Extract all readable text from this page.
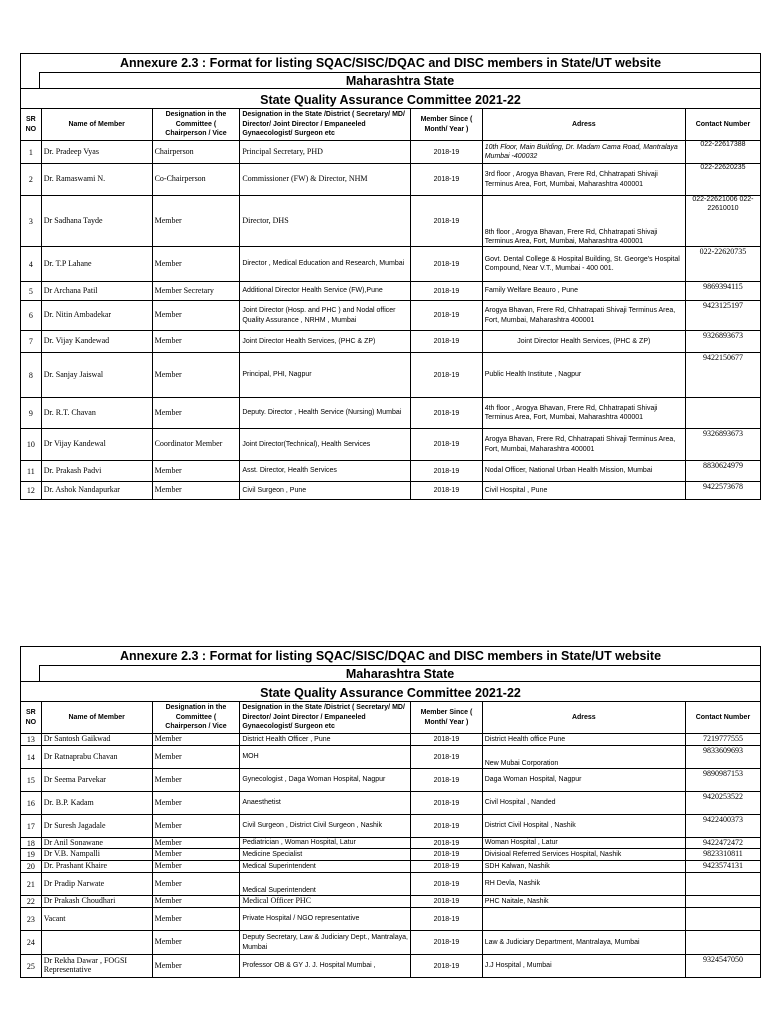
Annexure 2.3 : Format for listing SQAC/SISC/DQAC and DISC members in State/UT website
Maharashtra State
State Quality Assurance Committee 2021-22
SR NO	Name of Member	Designation in the Committee ( Chairperson / Vice	Designation in the State /District ( Secretary/ MD/ Director/ Joint Director / Empaneeled Gynaecologist/ Surgeon etc	Member Since ( Month/ Year )	Adress	Contact Number
1	Dr. Pradeep Vyas	Chairperson	Principal Secretary, PHD	2018-19	10th Floor, Main Building, Dr. Madam Cama Road, Mantralaya Mumbai -400032	022-22617388
2	Dr. Ramaswami N.	Co-Chairperson	Commissioner (FW) & Director, NHM	2018-19	3rd floor , Arogya Bhavan, Frere Rd, Chhatrapati Shivaji Terminus Area, Fort, Mumbai, Maharashtra 400001	022-22620235
3	Dr Sadhana Tayde	Member	Director, DHS	2018-19	8th floor , Arogya Bhavan, Frere Rd, Chhatrapati Shivaji Terminus Area, Fort, Mumbai, Maharashtra 400001	022-22621006 022-22610010
4	Dr. T.P Lahane	Member	Director , Medical Education and Research, Mumbai	2018-19	Govt. Dental College & Hospital Building, St. George's Hospital Compound, Near V.T., Mumbai - 400 001.	022-22620735
5	Dr Archana Patil	Member Secretary	Additional Director Health Service (FW),Pune	2018-19	Family Welfare Beauro , Pune	9869394115
6	Dr. Nitin Ambadekar	Member	Joint Director (Hosp. and PHC ) and Nodal officer Quality Assurance , NRHM , Mumbai	2018-19	Arogya Bhavan, Frere Rd, Chhatrapati Shivaji Terminus Area, Fort, Mumbai, Maharashtra 400001	9423125197
7	Dr. Vijay Kandewad	Member	Joint Director Health Services, (PHC & ZP)	2018-19	Joint Director Health Services, (PHC & ZP)	9326893673
8	Dr. Sanjay Jaiswal	Member	Principal, PHI, Nagpur	2018-19	Public Health Institute , Nagpur	9422150677
9	Dr. R.T. Chavan	Member	Deputy. Director , Health Service (Nursing) Mumbai	2018-19	4th floor , Arogya Bhavan, Frere Rd, Chhatrapati Shivaji Terminus Area, Fort, Mumbai, Maharashtra 400001	
10	Dr Vijay Kandewal	Coordinator Member	Joint Director(Technical), Health Services	2018-19	Arogya Bhavan, Frere Rd, Chhatrapati Shivaji Terminus Area, Fort, Mumbai, Maharashtra 400001	9326893673
11	Dr. Prakash Padvi	Member	Asst. Director, Health Services	2018-19	Nodal Officer, National Urban Health Mission, Mumbai	8830624979
12	Dr. Ashok Nandapurkar	Member	Civil Surgeon , Pune	2018-19	Civil Hospital , Pune	9422573678
Annexure 2.3 : Format for listing SQAC/SISC/DQAC and DISC members in State/UT website
Maharashtra State
State Quality Assurance Committee 2021-22
SR NO	Name of Member	Designation in the Committee ( Chairperson / Vice	Designation in the State /District ( Secretary/ MD/ Director/ Joint Director / Empaneeled Gynaecologist/ Surgeon etc	Member Since ( Month/ Year )	Adress	Contact Number
13	Dr Santosh Gaikwad	Member	District Health Officer , Pune	2018-19	District Health office Pune	7219777555
14	Dr Ratnaprabu Chavan	Member	MOH	2018-19	New Mubai Corporation	9833609693
15	Dr Seema Parvekar	Member	Gynecologist , Daga Woman Hospital, Nagpur	2018-19	Daga Woman Hospital, Nagpur	9890987153
16	Dr. B.P. Kadam	Member	Anaesthetist	2018-19	Civil Hospital , Nanded	9420253522
17	Dr Suresh Jagadale	Member	Civil Surgeon , District Civil Surgeon , Nashik	2018-19	District Civil Hospital , Nashik	9422400373
18	Dr Anil Sonawane	Member	Pediatrician , Woman Hospital, Latur	2018-19	Woman Hospital , Latur	9422472472
19	Dr V.B. Nampalli	Member	Medicine Specialist	2018-19	Divisioal Referred Services Hospital, Nashik	9823310811
20	Dr. Prashant Khaire	Member	Medical Superintendent	2018-19	SDH Kalwan, Nashik	9423574131
21	Dr Pradip Narwate	Member	Medical Superintendent	2018-19	RH Devla, Nashik	
22	Dr Prakash Choudhari	Member	Medical Officer PHC	2018-19	PHC Naitale, Nashik	
23	Vacant	Member	Private Hospital / NGO representative	2018-19		
24		Member	Deputy Secretary, Law & Judiciary Dept., Mantralaya, Mumbai	2018-19	Law & Judiciary Department, Mantralaya, Mumbai	
25	Dr Rekha Dawar , FOGSI Representative	Member	Professor OB & GY J. J. Hospital Mumbai ,	2018-19	J.J Hospital , Mumbai	9324547050
